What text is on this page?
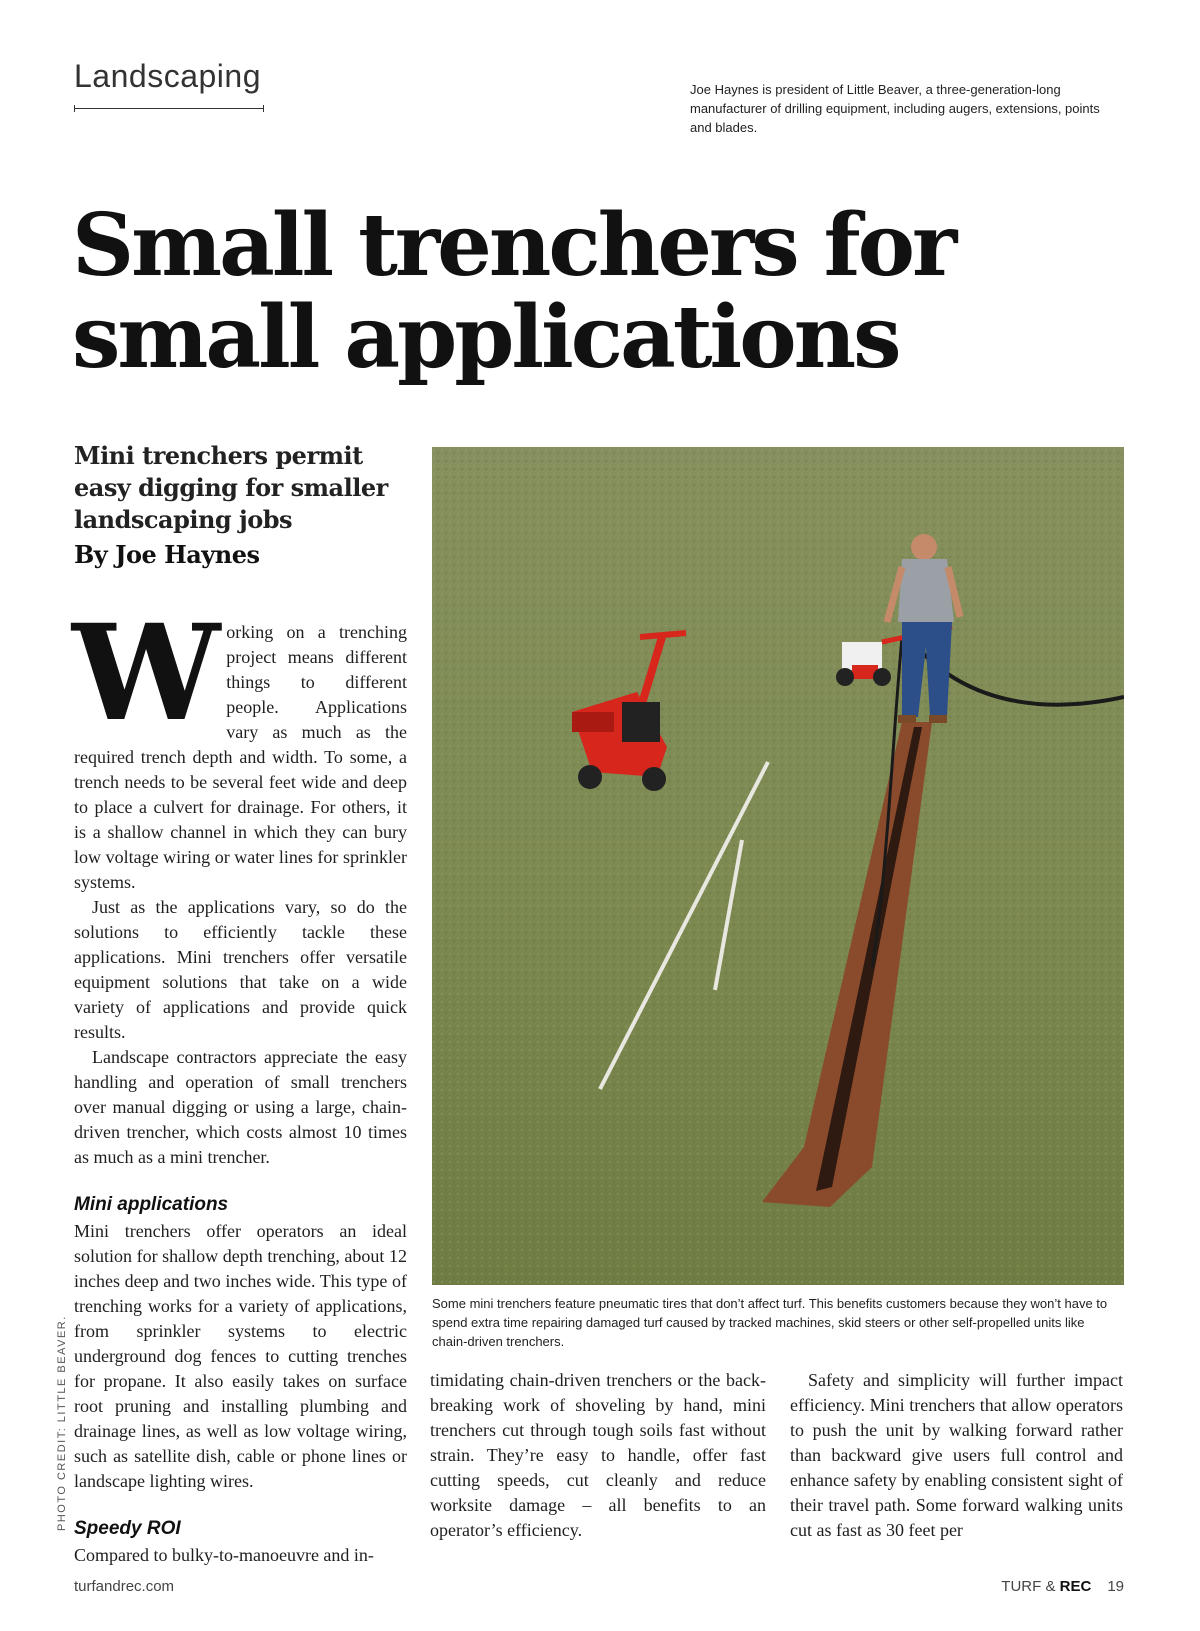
Landscaping	Joe Haynes is president of Little Beaver, a three-generation-long manufacturer of drilling equipment, including augers, extensions, points and blades.
Small trenchers for small applications
Mini trenchers permit easy digging for smaller landscaping jobs
By Joe Haynes

Working on a trenching project means different things to different people. Applications vary as much as the required trench depth and width. To some, a trench needs to be several feet wide and deep to place a culvert for drainage. For others, it is a shallow channel in which they can bury low voltage wiring or water lines for sprinkler systems.

Just as the applications vary, so do the solutions to efficiently tackle these applications. Mini trenchers offer versatile equipment solutions that take on a wide variety of applications and provide quick results.

Landscape contractors appreciate the easy handling and operation of small trenchers over manual digging or using a large, chain-driven trencher, which costs almost 10 times as much as a mini trencher.

Mini applications

Mini trenchers offer operators an ideal solution for shallow depth trenching, about 12 inches deep and two inches wide. This type of trenching works for a variety of applications, from sprinkler systems to electric underground dog fences to cutting trenches for propane. It also easily takes on surface root pruning and installing plumbing and drainage lines, as well as low voltage wiring, such as satellite dish, cable or phone lines or landscape lighting wires.

Speedy ROI

Compared to bulky-to-manoeuvre and in-

Some mini trenchers feature pneumatic tires that don’t affect turf. This benefits customers because they won’t have to spend extra time repairing damaged turf caused by tracked machines, skid steers or other self-propelled units like chain-driven trenchers.

timidating chain-driven trenchers or the back-breaking work of shoveling by hand, mini trenchers cut through tough soils fast without strain. They’re easy to handle, offer fast cutting speeds, cut cleanly and reduce worksite damage – all benefits to an operator’s efficiency.

Safety and simplicity will further impact efficiency. Mini trenchers that allow operators to push the unit by walking forward rather than backward give users full control and enhance safety by enabling consistent sight of their travel path. Some forward walking units cut as fast as 30 feet per

PHOTO CREDIT: LITTLE BEAVER.
turfandrec.com	TURF & REC 19
